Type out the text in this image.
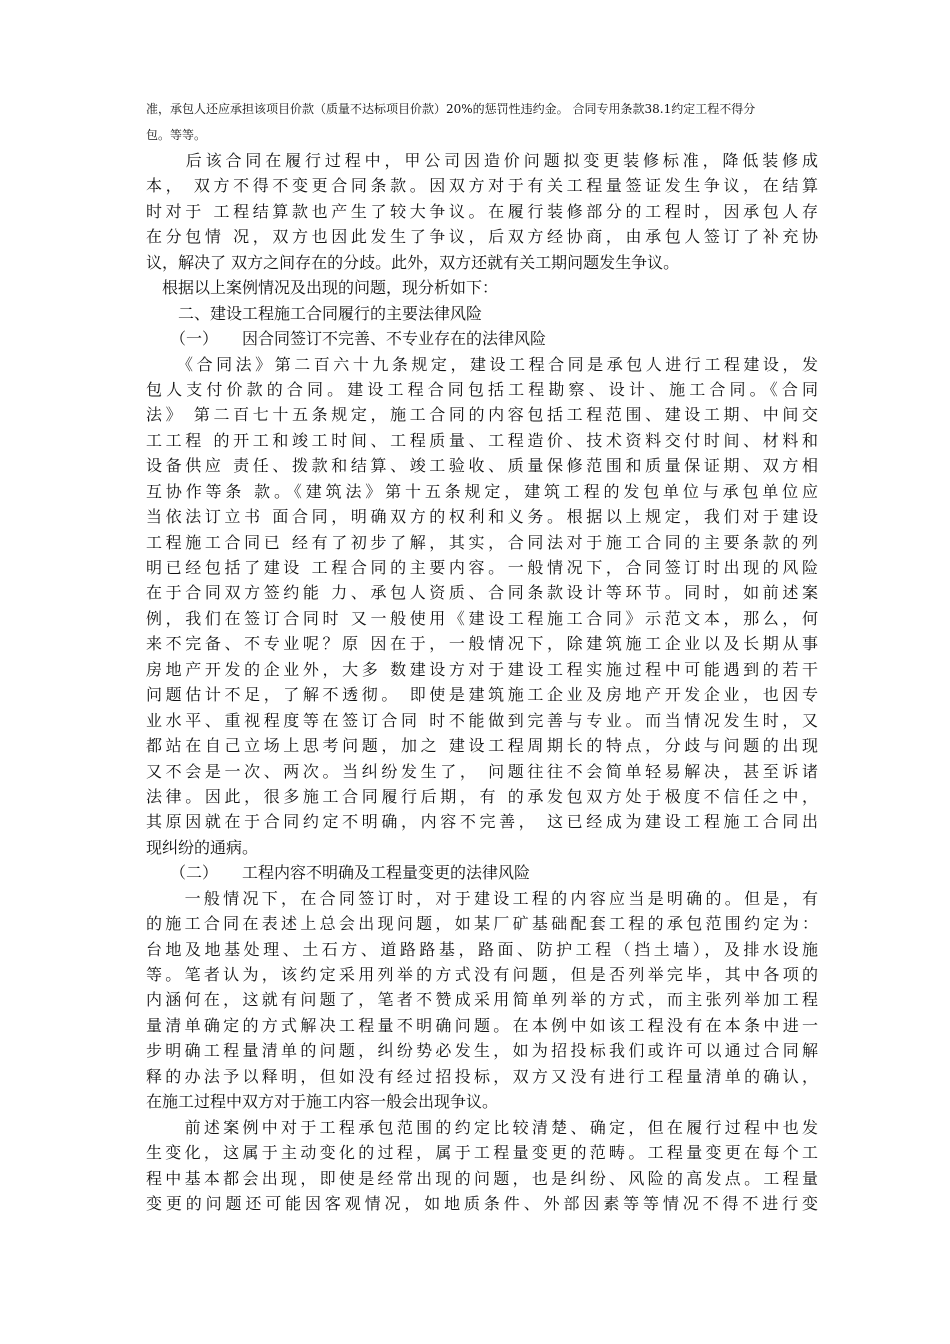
准，承包人还应承担该项目价款（质量不达标项目价款）20%的惩罚性违约金。 合同专用条款38.1约定工程不得分
包。等等。
　　后该合同在履行过程中，甲公司因造价问题拟变更装修标准，降低装修成
本， 双方不得不变更合同条款。因双方对于有关工程量签证发生争议，在结算
时对于 工程结算款也产生了较大争议。在履行装修部分的工程时，因承包人存
在分包情 况，双方也因此发生了争议，后双方经协商，由承包人签订了补充协
议，解决了 双方之间存在的分歧。此外，双方还就有关工期问题发生争议。
　根据以上案例情况及出现的问题，现分析如下：
　　二、建设工程施工合同履行的主要法律风险
　　（一）　　因合同签订不完善、不专业存在的法律风险
　　《合同法》第二百六十九条规定，建设工程合同是承包人进行工程建设，发
包人支付价款的合同。建设工程合同包括工程勘察、设计、施工合同。《合同
法》 第二百七十五条规定，施工合同的内容包括工程范围、建设工期、中间交
工工程 的开工和竣工时间、工程质量、工程造价、技术资料交付时间、材料和
设备供应 责任、拨款和结算、竣工验收、质量保修范围和质量保证期、双方相
互协作等条 款。《建筑法》第十五条规定，建筑工程的发包单位与承包单位应
当依法订立书 面合同，明确双方的权利和义务。根据以上规定，我们对于建设
工程施工合同已 经有了初步了解，其实，合同法对于施工合同的主要条款的列
明已经包括了建设 工程合同的主要内容。一般情况下，合同签订时出现的风险
在于合同双方签约能 力、承包人资质、合同条款设计等环节。同时，如前述案
例，我们在签订合同时 又一般使用《建设工程施工合同》示范文本，那么，何
来不完备、不专业呢？原 因在于，一般情况下，除建筑施工企业以及长期从事
房地产开发的企业外，大多 数建设方对于建设工程实施过程中可能遇到的若干
问题估计不足，了解不透彻。 即使是建筑施工企业及房地产开发企业，也因专
业水平、重视程度等在签订合同 时不能做到完善与专业。而当情况发生时，又
都站在自己立场上思考问题，加之 建设工程周期长的特点，分歧与问题的出现
又不会是一次、两次。当纠纷发生了， 问题往往不会简单轻易解决，甚至诉诸
法律。因此，很多施工合同履行后期，有 的承发包双方处于极度不信任之中，
其原因就在于合同约定不明确，内容不完善， 这已经成为建设工程施工合同出
现纠纷的通病。
　　（二）　　工程内容不明确及工程量变更的法律风险
　　一般情况下，在合同签订时，对于建设工程的内容应当是明确的。但是，有
的施工合同在表述上总会出现问题，如某厂矿基础配套工程的承包范围约定为：
台地及地基处理、土石方、道路路基，路面、防护工程（挡土墙），及排水设施
等。笔者认为，该约定采用列举的方式没有问题，但是否列举完毕，其中各项的
内涵何在，这就有问题了，笔者不赞成采用简单列举的方式，而主张列举加工程
量清单确定的方式解决工程量不明确问题。在本例中如该工程没有在本条中进一
步明确工程量清单的问题，纠纷势必发生，如为招投标我们或许可以通过合同解
释的办法予以释明，但如没有经过招投标，双方又没有进行工程量清单的确认，
在施工过程中双方对于施工内容一般会出现争议。
　　前述案例中对于工程承包范围的约定比较清楚、确定，但在履行过程中也发
生变化，这属于主动变化的过程，属于工程量变更的范畴。工程量变更在每个工
程中基本都会出现，即使是经常出现的问题，也是纠纷、风险的高发点。工程量
变更的问题还可能因客观情况，如地质条件、外部因素等等情况不得不进行变
